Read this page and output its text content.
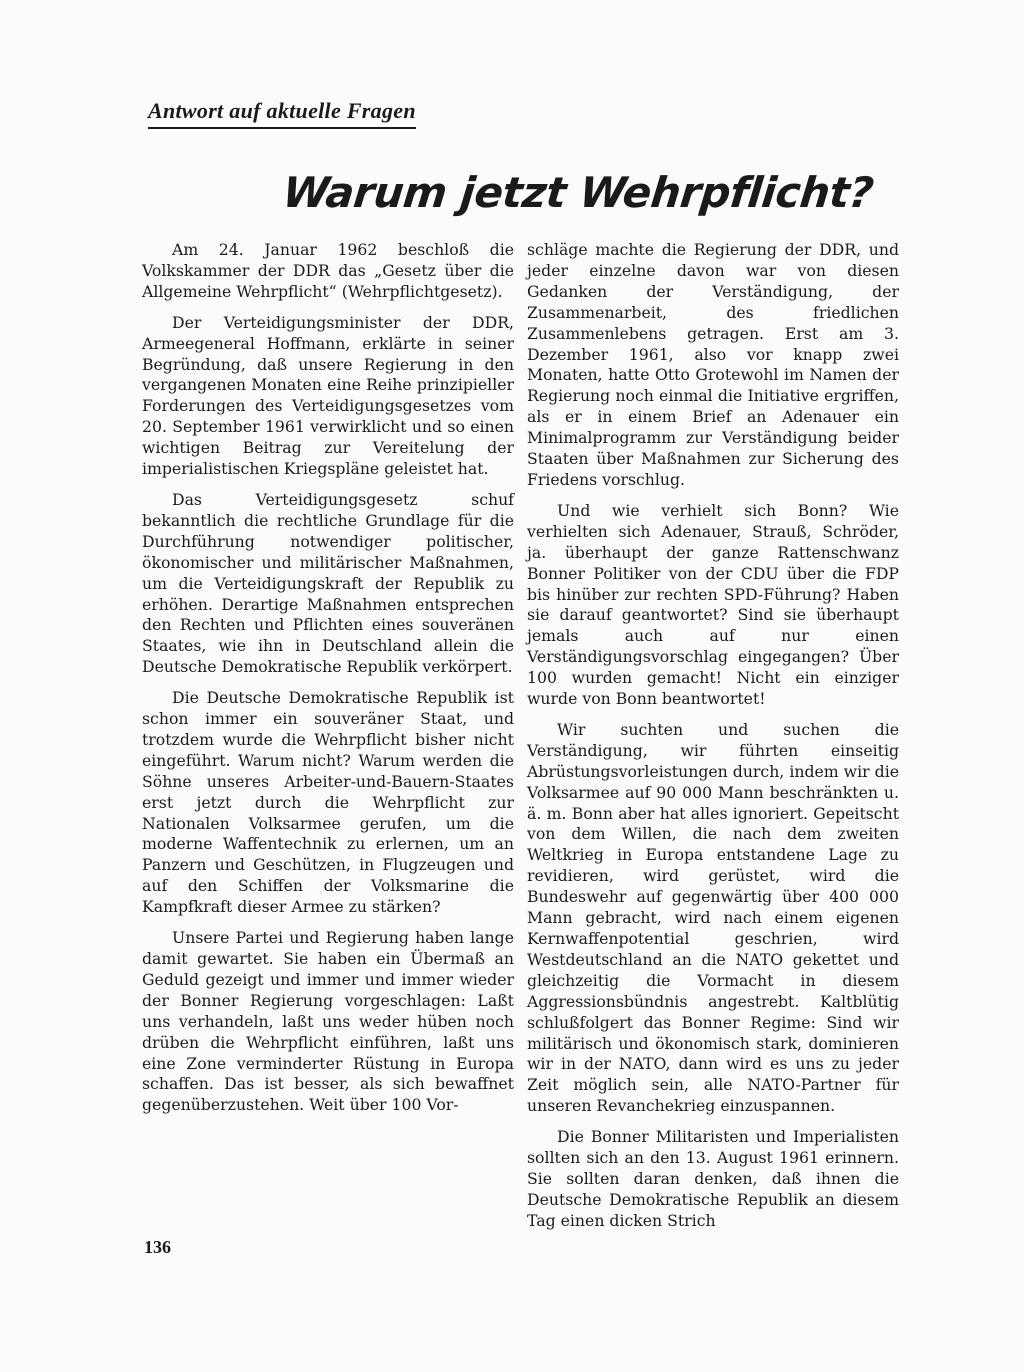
Antwort auf aktuelle Fragen
Warum jetzt Wehrpflicht?

Am 24. Januar 1962 beschloß die Volkskammer der DDR das „Gesetz über die Allgemeine Wehrpflicht“ (Wehrpflichtgesetz).

Der Verteidigungsminister der DDR, Armeegeneral Hoffmann, erklärte in seiner Begründung, daß unsere Regierung in den vergangenen Monaten eine Reihe prinzipieller Forderungen des Verteidigungsgesetzes vom 20. September 1961 verwirklicht und so einen wichtigen Beitrag zur Vereitelung der imperialistischen Kriegspläne geleistet hat.

Das Verteidigungsgesetz schuf bekanntlich die rechtliche Grundlage für die Durchführung notwendiger politischer, ökonomischer und militärischer Maßnahmen, um die Verteidigungskraft der Republik zu erhöhen. Derartige Maßnahmen entsprechen den Rechten und Pflichten eines souveränen Staates, wie ihn in Deutschland allein die Deutsche Demokratische Republik verkörpert.

Die Deutsche Demokratische Republik ist schon immer ein souveräner Staat, und trotzdem wurde die Wehrpflicht bisher nicht eingeführt. Warum nicht? Warum werden die Söhne unseres Arbeiter-und-Bauern-Staates erst jetzt durch die Wehrpflicht zur Nationalen Volksarmee gerufen, um die moderne Waffentechnik zu erlernen, um an Panzern und Geschützen, in Flugzeugen und auf den Schiffen der Volksmarine die Kampfkraft dieser Armee zu stärken?

Unsere Partei und Regierung haben lange damit gewartet. Sie haben ein Übermaß an Geduld gezeigt und immer und immer wieder der Bonner Regierung vorgeschlagen: Laßt uns verhandeln, laßt uns weder hüben noch drüben die Wehrpflicht einführen, laßt uns eine Zone verminderter Rüstung in Europa schaffen. Das ist besser, als sich bewaffnet gegenüberzustehen. Weit über 100 Vor-

schläge machte die Regierung der DDR, und jeder einzelne davon war von diesen Gedanken der Verständigung, der Zusammenarbeit, des friedlichen Zusammenlebens getragen. Erst am 3. Dezember 1961, also vor knapp zwei Monaten, hatte Otto Grotewohl im Namen der Regierung noch einmal die Initiative ergriffen, als er in einem Brief an Adenauer ein Minimalprogramm zur Verständigung beider Staaten über Maßnahmen zur Sicherung des Friedens vorschlug.

Und wie verhielt sich Bonn? Wie verhielten sich Adenauer, Strauß, Schröder, ja. überhaupt der ganze Rattenschwanz Bonner Politiker von der CDU über die FDP bis hinüber zur rechten SPD-Führung? Haben sie darauf geantwortet? Sind sie überhaupt jemals auch auf nur einen Verständigungsvorschlag eingegangen? Über 100 wurden gemacht! Nicht ein einziger wurde von Bonn beantwortet!

Wir suchten und suchen die Verständigung, wir führten einseitig Abrüstungsvorleistungen durch, indem wir die Volksarmee auf 90 000 Mann beschränkten u. ä. m. Bonn aber hat alles ignoriert. Gepeitscht von dem Willen, die nach dem zweiten Weltkrieg in Europa entstandene Lage zu revidieren, wird gerüstet, wird die Bundeswehr auf gegenwärtig über 400 000 Mann gebracht, wird nach einem eigenen Kernwaffenpotential geschrien, wird Westdeutschland an die NATO gekettet und gleichzeitig die Vormacht in diesem Aggressionsbündnis angestrebt. Kaltblütig schlußfolgert das Bonner Regime: Sind wir militärisch und ökonomisch stark, dominieren wir in der NATO, dann wird es uns zu jeder Zeit möglich sein, alle NATO-Partner für unseren Revanchekrieg einzuspannen.

Die Bonner Militaristen und Imperialisten sollten sich an den 13. August 1961 erinnern. Sie sollten daran denken, daß ihnen die Deutsche Demokratische Republik an diesem Tag einen dicken Strich

136
